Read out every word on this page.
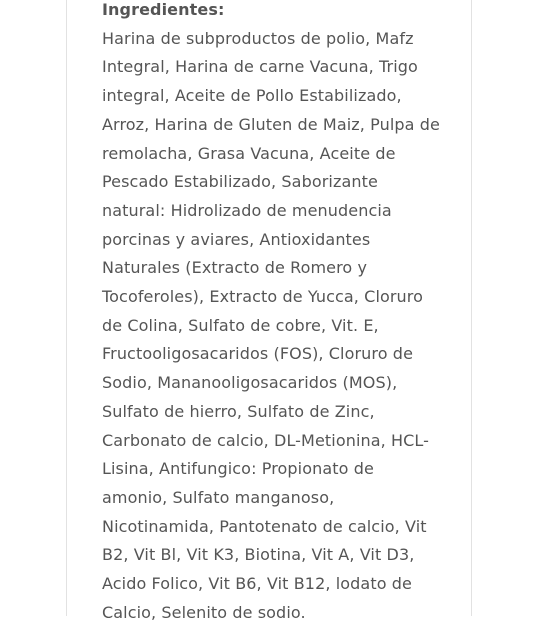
Ingredientes:

Harina de subproductos de polio, Mafz Integral, Harina de carne Vacuna, Trigo integral, Aceite de Pollo Estabilizado, Arroz, Harina de Gluten de Maiz, Pulpa de remolacha, Grasa Vacuna, Aceite de Pescado Estabilizado, Saborizante natural: Hidrolizado de menudencia porcinas y aviares, Antioxidantes Naturales (Extracto de Romero y Tocoferoles), Extracto de Yucca, Cloruro de Colina, Sulfato de cobre, Vit. E, Fructooligosacaridos (FOS), Cloruro de Sodio, Mananooligosacaridos (MOS), Sulfato de hierro, Sulfato de Zinc, Carbonato de calcio, DL-Metionina, HCL-Lisina, Antifungico: Propionato de amonio, Sulfato manganoso, Nicotinamida, Pantotenato de calcio, Vit B2, Vit Bl, Vit K3, Biotina, Vit A, Vit D3, Acido Folico, Vit B6, Vit B12, lodato de Calcio, Selenito de sodio.
